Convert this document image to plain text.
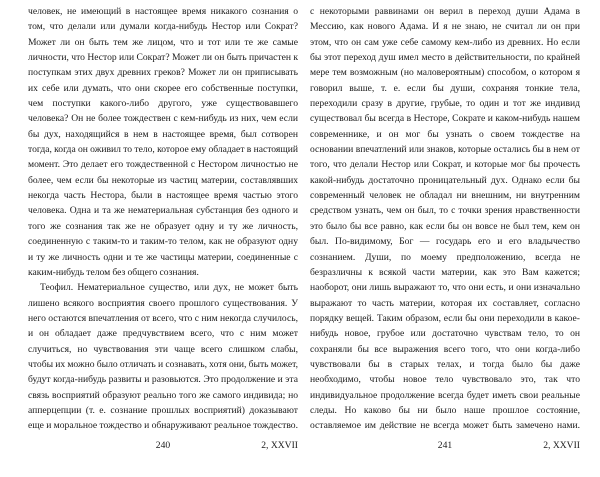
человек, не имеющий в настоящее время никакого сознания о том, что делали или думали когда-нибудь Нестор или Сократ? Может ли он быть тем же лицом, что и тот или те же самые личности, что Нестор или Сократ? Может ли он быть причастен к поступкам этих двух древних греков? Может ли он приписывать их себе или думать, что они скорее его собственные поступки, чем поступки какого-либо другого, уже существовавшего человека? Он не более тождествен с кем-нибудь из них, чем если бы дух, находящийся в нем в настоящее время, был сотворен тогда, когда он оживил то тело, которое ему обладает в настоящий момент. Это делает его тождественной с Нестором личностью не более, чем если бы некоторые из частиц материи, составлявших некогда часть Нестора, были в настоящее время частью этого человека. Одна и та же нематериальная субстанция без одного и того же сознания так же не образует одну и ту же личность, соединенную с таким-то и таким-то телом, как не образуют одну и ту же личность одни и те же частицы материи, соединенные с каким-нибудь телом без общего сознания.

Теофил. Нематериальное существо, или дух, не может быть лишено всякого восприятия своего прошлого существования. У него остаются впечатления от всего, что с ним некогда случилось, и он обладает даже предчувствием всего, что с ним может случиться, но чувствования эти чаще всего слишком слабы, чтобы их можно было отличать и сознавать, хотя они, быть может, будут когда-нибудь развиты и разовьются. Это продолжение и эта связь восприятий образуют реально того же самого индивида; но апперцепции (т. е. сознание прошлых восприятий) доказывают еще и моральное тождество и обнаруживают реальное тождество.

240	2, XXVII

с некоторыми раввинами он верил в переход души Адама в Мессию, как нового Адама. И я не знаю, не считал ли он при этом, что он сам уже себе самому кем-либо из древних. Но если бы этот переход душ имел место в действительности, по крайней мере тем возможным (но маловероятным) способом, о котором я говорил выше, т. е. если бы души, сохраняя тонкие тела, переходили сразу в другие, грубые, то один и тот же индивид существовал бы всегда в Несторе, Сократе и каком-нибудь нашем современнике, и он мог бы узнать о своем тождестве на основании впечатлений или знаков, которые остались бы в нем от того, что делали Нестор или Сократ, и которые мог бы прочесть какой-нибудь достаточно проницательный дух. Однако если бы современный человек не обладал ни внешним, ни внутренним средством узнать, чем он был, то с точки зрения нравственности это было бы все равно, как если бы он вовсе не был тем, кем он был. По-видимому, Бог — государь его и его владычество сознанием. Души, по моему предположению, всегда не безразличны к всякой части материи, как это Вам кажется; наоборот, они лишь выражают то, что они есть, и они изначально выражают то часть материи, которая их составляет, согласно порядку вещей. Таким образом, если бы они переходили в какое-нибудь новое, грубое или достаточно чувствам тело, то он сохраняли бы все выражения всего того, что они когда-либо чувствовали бы в старых телах, и тогда было бы даже необходимо, чтобы новое тело чувствовало это, так что индивидуальное продолжение всегда будет иметь свои реальные следы. Но каково бы ни было наше прошлое состояние, оставляемое им действие не всегда может быть замечено нами.

241	2, XXVII
